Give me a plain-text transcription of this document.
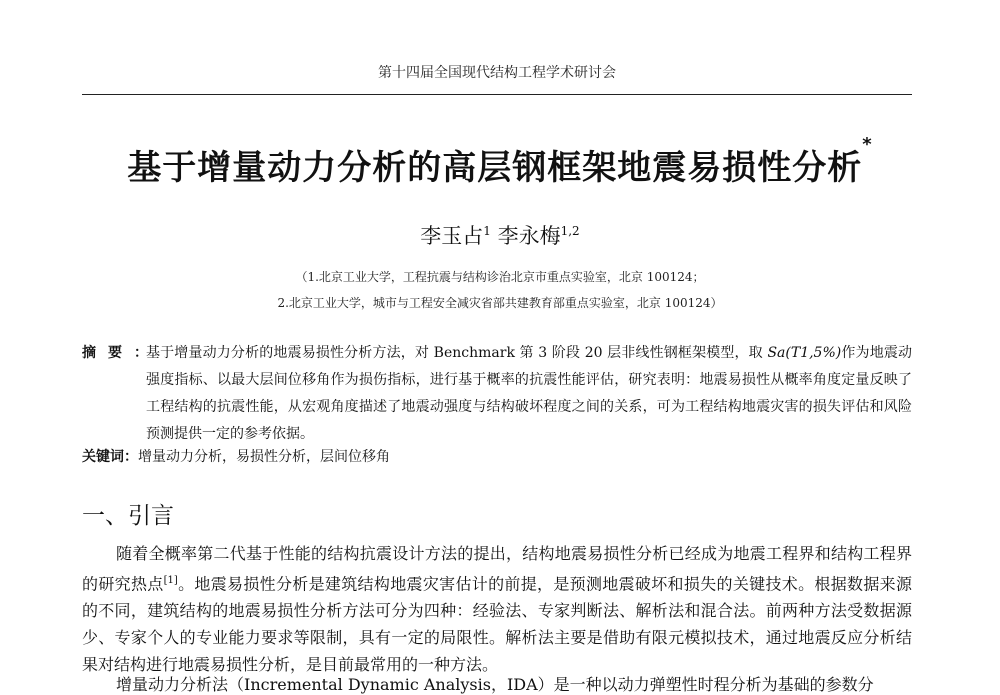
第十四届全国现代结构工程学术研讨会
基于增量动力分析的高层钢框架地震易损性分析*
李玉占$^1$ 李永梅$^{1,2}$
（1.北京工业大学，工程抗震与结构诊治北京市重点实验室，北京 100124；
2.北京工业大学，城市与工程安全减灾省部共建教育部重点实验室，北京 100124）
摘要：
基于增量动力分析的地震易损性分析方法，对 Benchmark 第 3 阶段 20 层非线性钢框架模型，取 Sa(T1,5%)作为地震动强度指标、以最大层间位移角作为损伤指标，进行基于概率的抗震性能评估，研究表明：地震易损性从概率角度定量反映了工程结构的抗震性能，从宏观角度描述了地震动强度与结构破坏程度之间的关系，可为工程结构地震灾害的损失评估和风险预测提供一定的参考依据。
关键词：增量动力分析，易损性分析，层间位移角
一、引言
随着全概率第二代基于性能的结构抗震设计方法的提出，结构地震易损性分析已经成为地震工程界和结构工程界的研究热点[1]。地震易损性分析是建筑结构地震灾害估计的前提，是预测地震破坏和损失的关键技术。根据数据来源的不同，建筑结构的地震易损性分析方法可分为四种：经验法、专家判断法、解析法和混合法。前两种方法受数据源少、专家个人的专业能力要求等限制，具有一定的局限性。解析法主要是借助有限元模拟技术，通过地震反应分析结果对结构进行地震易损性分析，是目前最常用的一种方法。
增量动力分析法（Incremental Dynamic Analysis，IDA）是一种以动力弹塑性时程分析为基础的参数分
